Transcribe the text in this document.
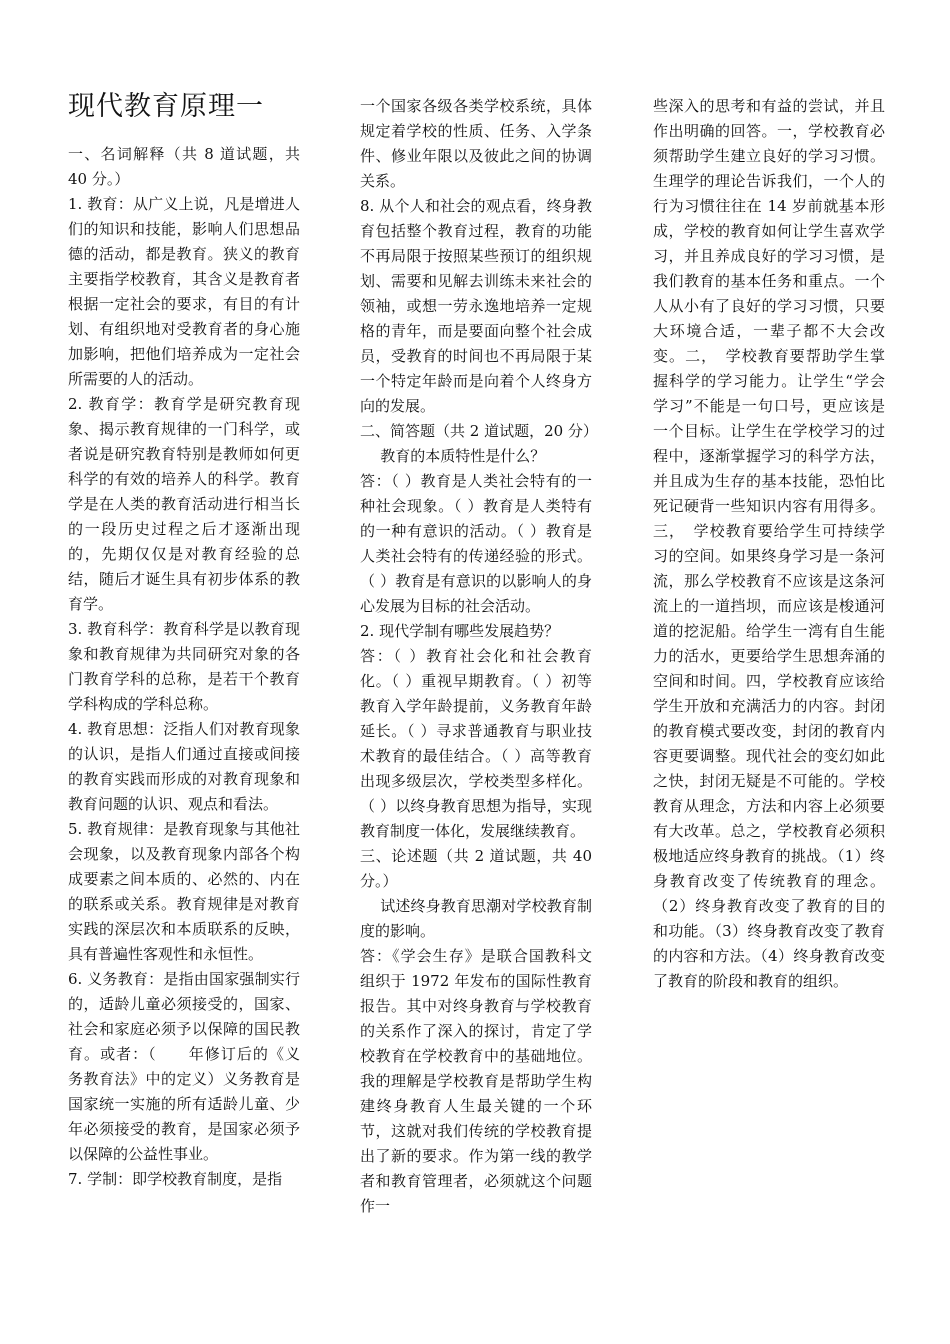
现代教育原理一

一、名词解释（共 8 道试题，共 40 分。）

1. 教育：从广义上说，凡是增进人们的知识和技能，影响人们思想品德的活动，都是教育。狭义的教育主要指学校教育，其含义是教育者根据一定社会的要求，有目的有计划、有组织地对受教育者的身心施加影响，把他们培养成为一定社会所需要的人的活动。

2. 教育学：教育学是研究教育现象、揭示教育规律的一门科学，或者说是研究教育特别是教师如何更科学的有效的培养人的科学。教育学是在人类的教育活动进行相当长的一段历史过程之后才逐渐出现的，先期仅仅是对教育经验的总结，随后才诞生具有初步体系的教育学。

3. 教育科学：教育科学是以教育现象和教育规律为共同研究对象的各门教育学科的总称，是若干个教育学科构成的学科总称。

4. 教育思想：泛指人们对教育现象的认识，是指人们通过直接或间接的教育实践而形成的对教育现象和教育问题的认识、观点和看法。

5. 教育规律：是教育现象与其他社会现象，以及教育现象内部各个构成要素之间本质的、必然的、内在的联系或关系。教育规律是对教育实践的深层次和本质联系的反映，具有普遍性客观性和永恒性。

6. 义务教育：是指由国家强制实行的，适龄儿童必须接受的，国家、社会和家庭必须予以保障的国民教育。或者：（　　年修订后的《义务教育法》中的定义）义务教育是国家统一实施的所有适龄儿童、少年必须接受的教育，是国家必须予以保障的公益性事业。

7. 学制：即学校教育制度，是指

一个国家各级各类学校系统，具体规定着学校的性质、任务、入学条件、修业年限以及彼此之间的协调关系。

8. 从个人和社会的观点看，终身教育包括整个教育过程，教育的功能不再局限于按照某些预订的组织规划、需要和见解去训练未来社会的领袖，或想一劳永逸地培养一定规格的青年，而是要面向整个社会成员，受教育的时间也不再局限于某一个特定年龄而是向着个人终身方向的发展。

二、简答题（共 2 道试题，20 分）

教育的本质特性是什么？

答：（ ）教育是人类社会特有的一种社会现象。（ ）教育是人类特有的一种有意识的活动。（ ）教育是人类社会特有的传递经验的形式。（ ）教育是有意识的以影响人的身心发展为目标的社会活动。

2. 现代学制有哪些发展趋势？

答：（ ）教育社会化和社会教育化。（ ）重视早期教育。（ ）初等教育入学年龄提前，义务教育年龄延长。（ ）寻求普通教育与职业技术教育的最佳结合。（ ）高等教育出现多级层次，学校类型多样化。（ ）以终身教育思想为指导，实现教育制度一体化，发展继续教育。

三、论述题（共 2 道试题，共 40 分。）

试述终身教育思潮对学校教育制度的影响。

答：《学会生存》是联合国教科文组织于 1972 年发布的国际性教育报告。其中对终身教育与学校教育的关系作了深入的探讨，肯定了学校教育在学校教育中的基础地位。我的理解是学校教育是帮助学生构建终身教育人生最关键的一个环节，这就对我们传统的学校教育提出了新的要求。作为第一线的教学者和教育管理者，必须就这个问题作一

些深入的思考和有益的尝试，并且作出明确的回答。一，学校教育必须帮助学生建立良好的学习习惯。生理学的理论告诉我们，一个人的行为习惯往往在 14 岁前就基本形成，学校的教育如何让学生喜欢学习，并且养成良好的学习习惯，是我们教育的基本任务和重点。一个人从小有了良好的学习习惯，只要大环境合适，一辈子都不大会改变。二，　学校教育要帮助学生掌握科学的学习能力。让学生“学会学习”不能是一句口号，更应该是一个目标。让学生在学校学习的过程中，逐渐掌握学习的科学方法，并且成为生存的基本技能，恐怕比死记硬背一些知识内容有用得多。三，　学校教育要给学生可持续学习的空间。如果终身学习是一条河流，那么学校教育不应该是这条河流上的一道挡坝，而应该是梭通河道的挖泥船。给学生一湾有自生能力的活水，更要给学生思想奔涌的空间和时间。四，学校教育应该给学生开放和充满活力的内容。封闭的教育模式要改变，封闭的教育内容更要调整。现代社会的变幻如此之快，封闭无疑是不可能的。学校教育从理念，方法和内容上必须要有大改革。总之，学校教育必须积极地适应终身教育的挑战。（1）终身教育改变了传统教育的理念。（2）终身教育改变了教育的目的和功能。（3）终身教育改变了教育的内容和方法。（4）终身教育改变了教育的阶段和教育的组织。
